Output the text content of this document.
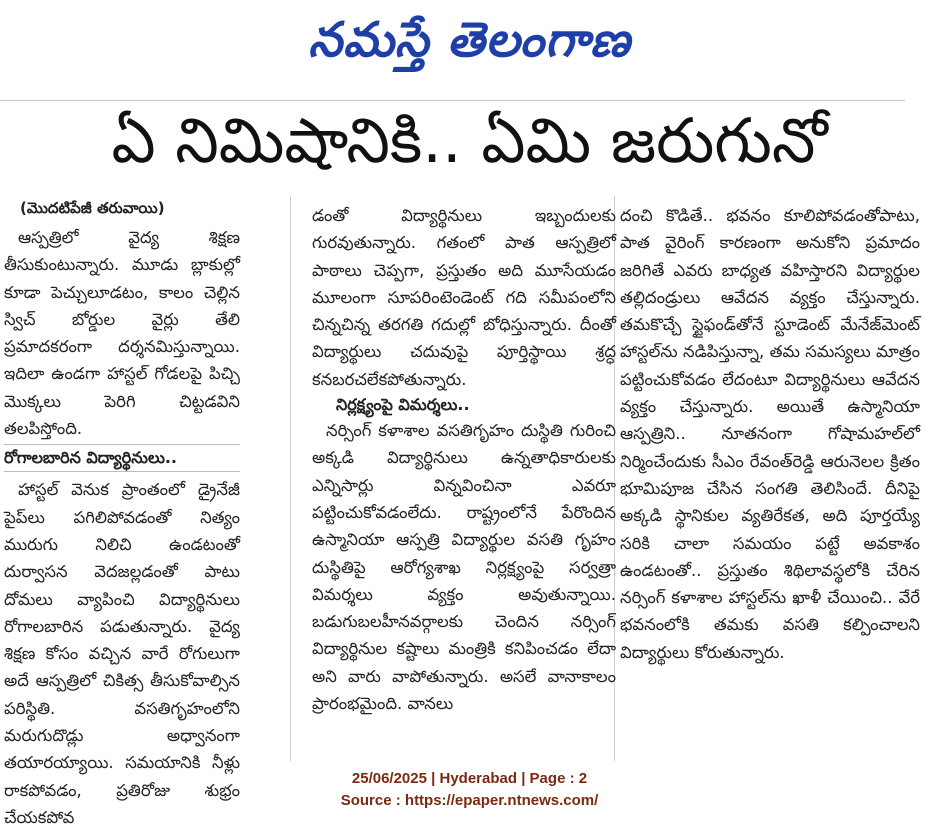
నమస్తే తెలంగాణ
ఏ నిమిషానికి.. ఏమి జరుగునో
(మొదటిపేజీ తరువాయి)

ఆస్పత్రిలో వైద్య శిక్షణ తీసుకుంటున్నారు. మూడు బ్లాకుల్లో కూడా పెచ్చులూడటం, కాలం చెల్లిన స్విచ్ బోర్డుల వైర్లు తేలి ప్రమాదకరంగా దర్శనమిస్తున్నాయి. ఇదిలా ఉండగా హాస్టల్ గోడలపై పిచ్చి మొక్కలు పెరిగి చిట్టడవిని తలపిస్తోంది.

రోగాలబారిన విద్యార్థినులు..

హాస్టల్ వెనుక ప్రాంతంలో డ్రైనేజీ పైప్‌లు పగిలిపోవడంతో నిత్యం మురుగు నిలిచి ఉండటంతో దుర్వాసన వెదజల్లడంతో పాటు దోమలు వ్యాపించి విద్యార్థినులు రోగాలబారిన పడుతున్నారు. వైద్య శిక్షణ కోసం వచ్చిన వారే రోగులుగా అదే ఆస్పత్రిలో చికిత్స తీసుకోవాల్సిన పరిస్థితి. వసతిగృహంలోని మరుగుదొడ్లు అధ్వానంగా తయారయ్యాయి. సమయానికి నీళ్లు రాకపోవడం, ప్రతిరోజు శుభ్రం చేయకపోవ

డంతో విద్యార్థినులు ఇబ్బందులకు గురవుతున్నారు. గతంలో పాత ఆస్పత్రిలో పాఠాలు చెప్పగా, ప్రస్తుతం అది మూసేయడం మూలంగా సూపరింటెండెంట్ గది సమీపంలోని చిన్నచిన్న తరగతి గదుల్లో బోధిస్తున్నారు. దీంతో విద్యార్థులు చదువుపై పూర్తిస్థాయి శ్రద్ధ కనబరచలేకపోతున్నారు.

నిర్లక్ష్యంపై విమర్శలు..

నర్సింగ్ కళాశాల వసతిగృహం దుస్థితి గురించి అక్కడి విద్యార్థినులు ఉన్నతాధికారులకు ఎన్నిసార్లు విన్నవించినా ఎవరూ పట్టించుకోవడంలేదు. రాష్ట్రంలోనే పేరొందిన ఉస్మానియా ఆస్పత్రి విద్యార్థుల వసతి గృహం దుస్థితిపై ఆరోగ్యశాఖ నిర్లక్ష్యంపై సర్వత్రా విమర్శలు వ్యక్తం అవుతున్నాయి. బడుగుబలహీనవర్గాలకు చెందిన నర్సింగ్ విద్యార్థినుల కష్టాలు మంత్రికి కనిపించడం లేదా అని వారు వాపోతున్నారు. అసలే వానాకాలం ప్రారంభమైంది. వానలు

దంచి కొడితే.. భవనం కూలిపోవడంతోపాటు, పాత వైరింగ్ కారణంగా అనుకోని ప్రమాదం జరిగితే ఎవరు బాధ్యత వహిస్తారని విద్యార్థుల తల్లిదండ్రులు ఆవేదన వ్యక్తం చేస్తున్నారు. తమకొచ్చే స్టైఫండ్‌తోనే స్టూడెంట్ మేనేజ్‌మెంట్ హాస్టల్‌ను నడిపిస్తున్నా, తమ సమస్యలు మాత్రం పట్టించుకోవడం లేదంటూ విద్యార్థినులు ఆవేదన వ్యక్తం చేస్తున్నారు. అయితే ఉస్మానియా ఆస్పత్రిని.. నూతనంగా గోషామహల్‌లో నిర్మించేందుకు సీఎం రేవంత్‌రెడ్డి ఆరునెలల క్రితం భూమిపూజ చేసిన సంగతి తెలిసిందే. దీనిపై అక్కడి స్థానికుల వ్యతిరేకత, అది పూర్తయ్యే సరికి చాలా సమయం పట్టే అవకాశం ఉండటంతో.. ప్రస్తుతం శిథిలావస్థలోకి చేరిన నర్సింగ్ కళాశాల హాస్టల్‌ను ఖాళీ చేయించి.. వేరే భవనంలోకి తమకు వసతి కల్పించాలని విద్యార్థులు కోరుతున్నారు.

25/06/2025 | Hyderabad | Page : 2
Source : https://epaper.ntnews.com/
